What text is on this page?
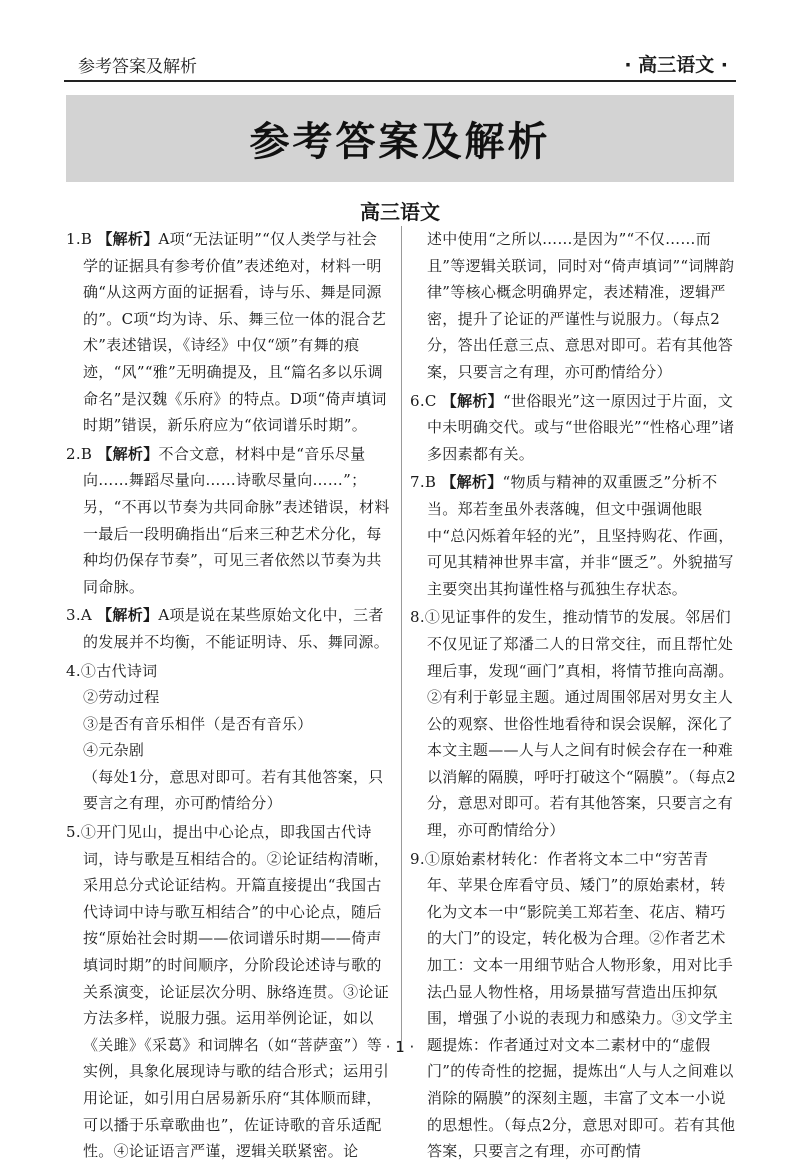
参考答案及解析	· 高三语文 ·
参考答案及解析
高三语文
1.B 【解析】A项“无法证明”“仅人类学与社会学的证据具有参考价值”表述绝对，材料一明确“从这两方面的证据看，诗与乐、舞是同源的”。C项“均为诗、乐、舞三位一体的混合艺术”表述错误，《诗经》中仅“颂”有舞的痕迹，“风”“雅”无明确提及，且“篇名多以乐调命名”是汉魏《乐府》的特点。D项“倚声填词时期”错误，新乐府应为“依词谱乐时期”。
2.B 【解析】不合文意，材料中是“音乐尽量向……舞蹈尽量向……诗歌尽量向……”；另，“不再以节奏为共同命脉”表述错误，材料一最后一段明确指出“后来三种艺术分化，每种均仍保存节奏”，可见三者依然以节奏为共同命脉。
3.A 【解析】A项是说在某些原始文化中，三者的发展并不均衡，不能证明诗、乐、舞同源。
4.①古代诗词
②劳动过程
③是否有音乐相伴（是否有音乐）
④元杂剧
（每处1分，意思对即可。若有其他答案，只要言之有理，亦可酌情给分）
5.①开门见山，提出中心论点，即我国古代诗词，诗与歌是互相结合的。②论证结构清晰，采用总分式论证结构。开篇直接提出“我国古代诗词中诗与歌互相结合”的中心论点，随后按“原始社会时期——依词谱乐时期——倚声填词时期”的时间顺序，分阶段论述诗与歌的关系演变，论证层次分明、脉络连贯。③论证方法多样，说服力强。运用举例论证，如以《关雎》《采葛》和词牌名（如“菩萨蛮”）等实例，具象化展现诗与歌的结合形式；运用引用论证，如引用白居易新乐府“其体顺而肆，可以播于乐章歌曲也”，佐证诗歌的音乐适配性。④论证语言严谨，逻辑关联紧密。论
述中使用“之所以……是因为”“不仅……而且”等逻辑关联词，同时对“倚声填词”“词牌韵律”等核心概念明确界定，表述精准，逻辑严密，提升了论证的严谨性与说服力。（每点2分，答出任意三点、意思对即可。若有其他答案，只要言之有理，亦可酌情给分）
6.C 【解析】“世俗眼光”这一原因过于片面，文中未明确交代。或与“世俗眼光”“性格心理”诸多因素都有关。
7.B 【解析】“物质与精神的双重匮乏”分析不当。郑若奎虽外表落魄，但文中强调他眼中“总闪烁着年轻的光”，且坚持购花、作画，可见其精神世界丰富，并非“匮乏”。外貌描写主要突出其拘谨性格与孤独生存状态。
8.①见证事件的发生，推动情节的发展。邻居们不仅见证了郑潘二人的日常交往，而且帮忙处理后事，发现“画门”真相，将情节推向高潮。②有利于彰显主题。通过周围邻居对男女主人公的观察、世俗性地看待和误会误解，深化了本文主题——人与人之间有时候会存在一种难以消解的隔膜，呼吁打破这个“隔膜”。（每点2分，意思对即可。若有其他答案，只要言之有理，亦可酌情给分）
9.①原始素材转化：作者将文本二中“穷苦青年、苹果仓库看守员、矮门”的原始素材，转化为文本一中“影院美工郑若奎、花店、精巧的大门”的设定，转化极为合理。②作者艺术加工：文本一用细节贴合人物形象，用对比手法凸显人物性格，用场景描写营造出压抑氛围，增强了小说的表现力和感染力。③文学主题提炼：作者通过对文本二素材中的“虚假门”的传奇性的挖掘，提炼出“人与人之间难以消除的隔膜”的深刻主题，丰富了文本一小说的思想性。（每点2分，意思对即可。若有其他答案，只要言之有理，亦可酌情
· 1 ·
